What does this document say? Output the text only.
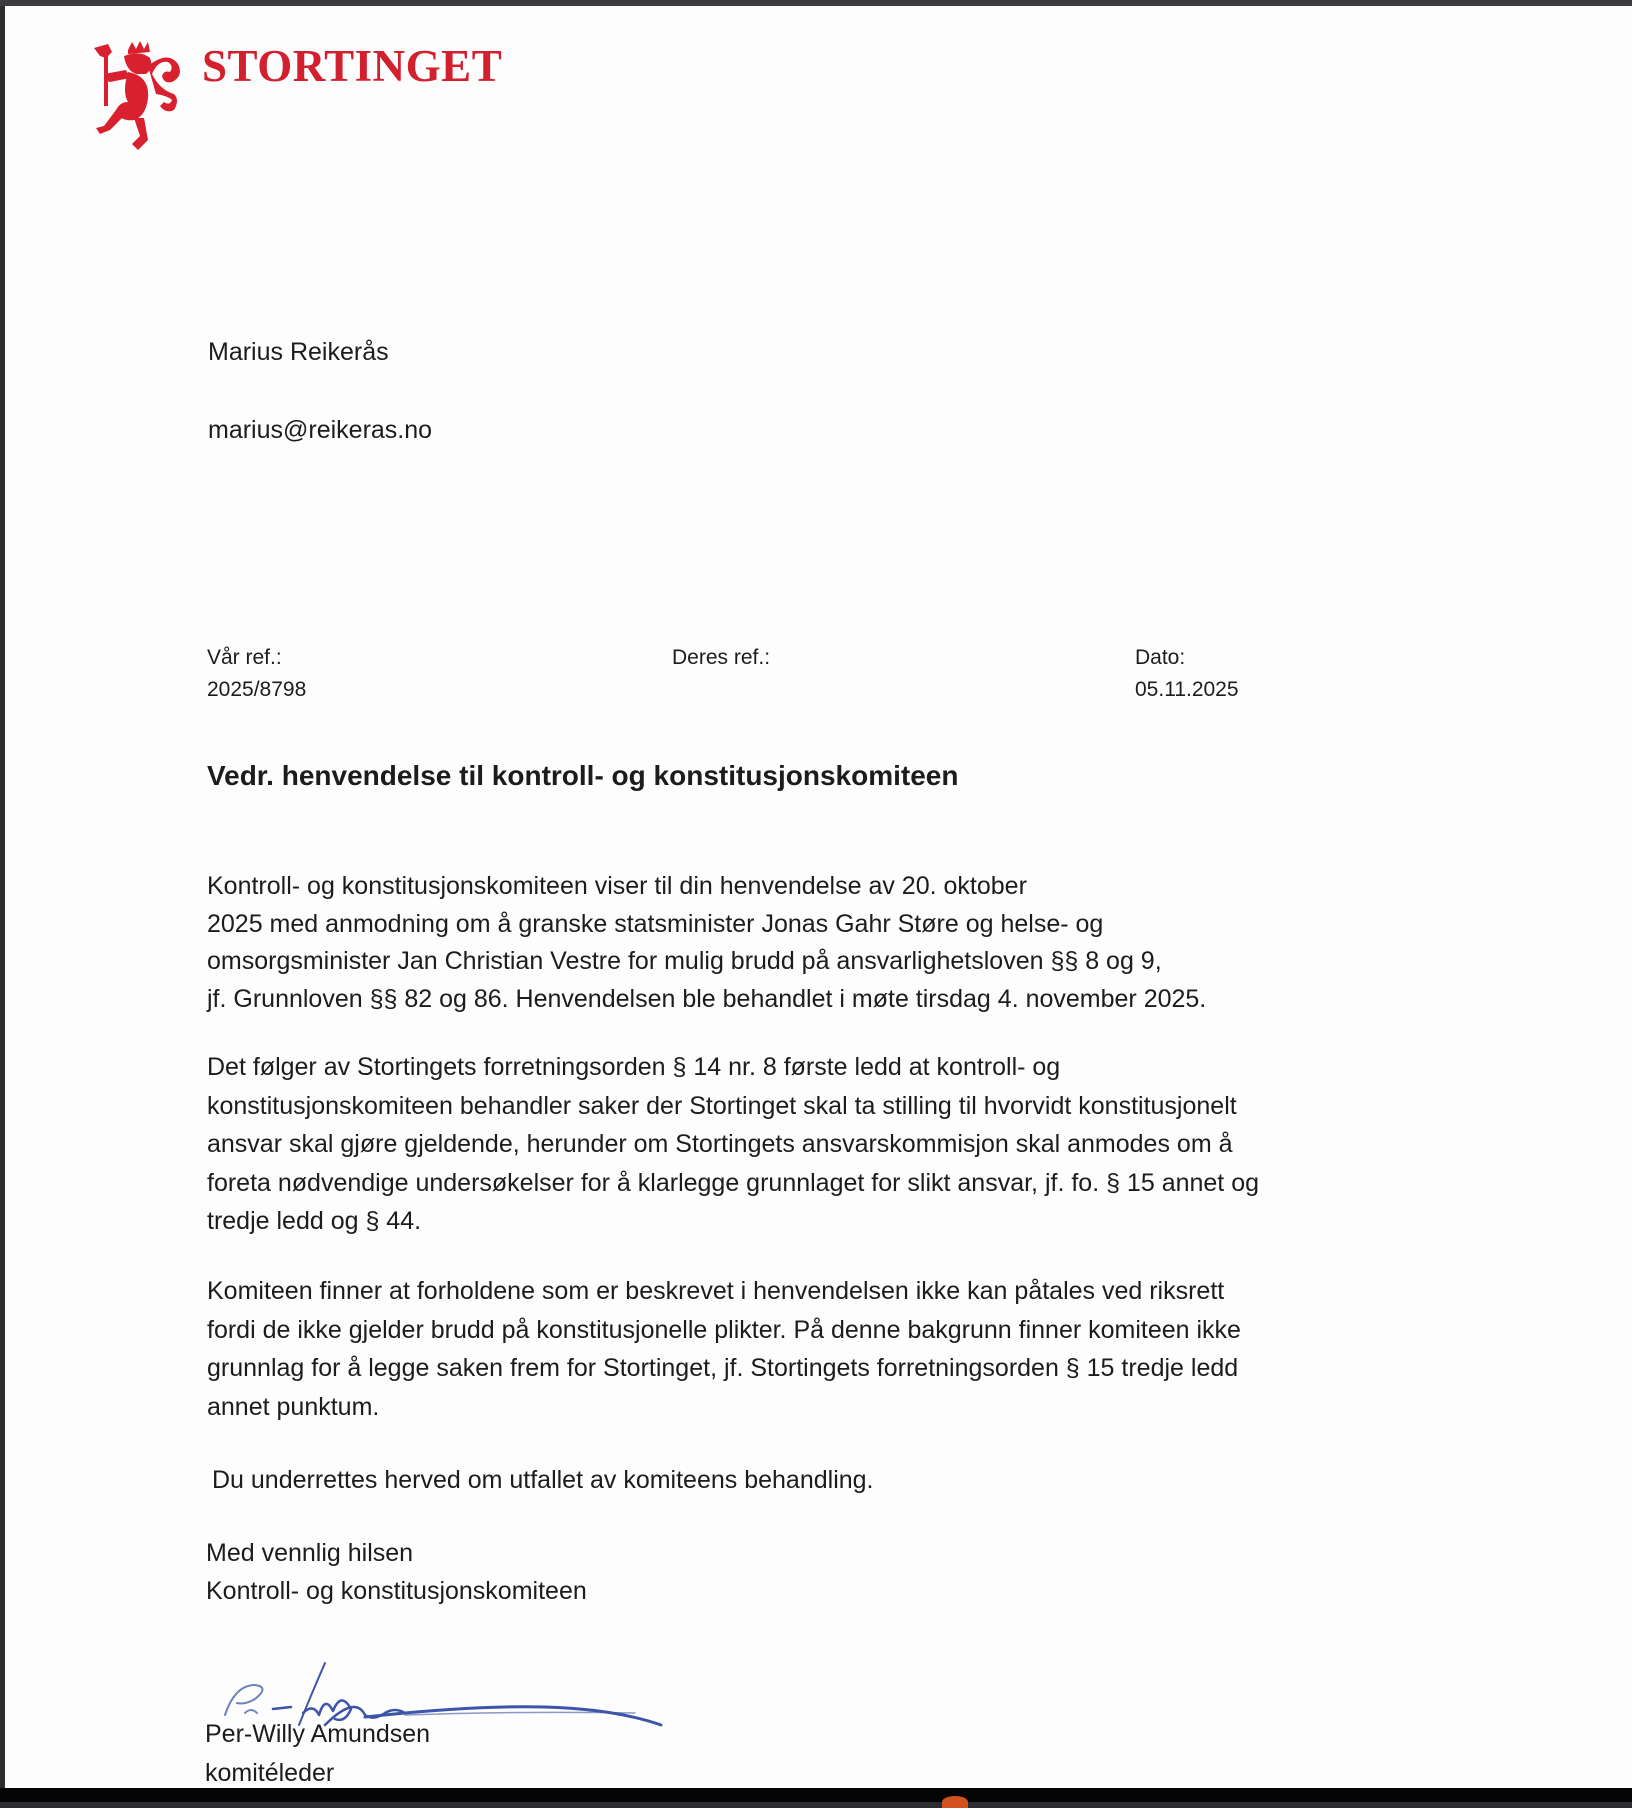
STORTINGET
Marius Reikerås
marius@reikeras.no
Vår ref.:
2025/8798
Deres ref.:	Dato:
05.11.2025
Vedr. henvendelse til kontroll- og konstitusjonskomiteen
Kontroll- og konstitusjonskomiteen viser til din henvendelse av 20. oktober
2025 med anmodning om å granske statsminister Jonas Gahr Støre og helse- og
omsorgsminister Jan Christian Vestre for mulig brudd på ansvarlighetsloven §§ 8 og 9,
jf. Grunnloven §§ 82 og 86. Henvendelsen ble behandlet i møte tirsdag 4. november 2025.
Det følger av Stortingets forretningsorden § 14 nr. 8 første ledd at kontroll- og
konstitusjonskomiteen behandler saker der Stortinget skal ta stilling til hvorvidt konstitusjonelt
ansvar skal gjøre gjeldende, herunder om Stortingets ansvarskommisjon skal anmodes om å
foreta nødvendige undersøkelser for å klarlegge grunnlaget for slikt ansvar, jf. fo. § 15 annet og
tredje ledd og § 44.
Komiteen finner at forholdene som er beskrevet i henvendelsen ikke kan påtales ved riksrett
fordi de ikke gjelder brudd på konstitusjonelle plikter. På denne bakgrunn finner komiteen ikke
grunnlag for å legge saken frem for Stortinget, jf. Stortingets forretningsorden § 15 tredje ledd
annet punktum.
Du underrettes herved om utfallet av komiteens behandling.
Med vennlig hilsen
Kontroll- og konstitusjonskomiteen
Per-Willy Amundsen
komitéleder
